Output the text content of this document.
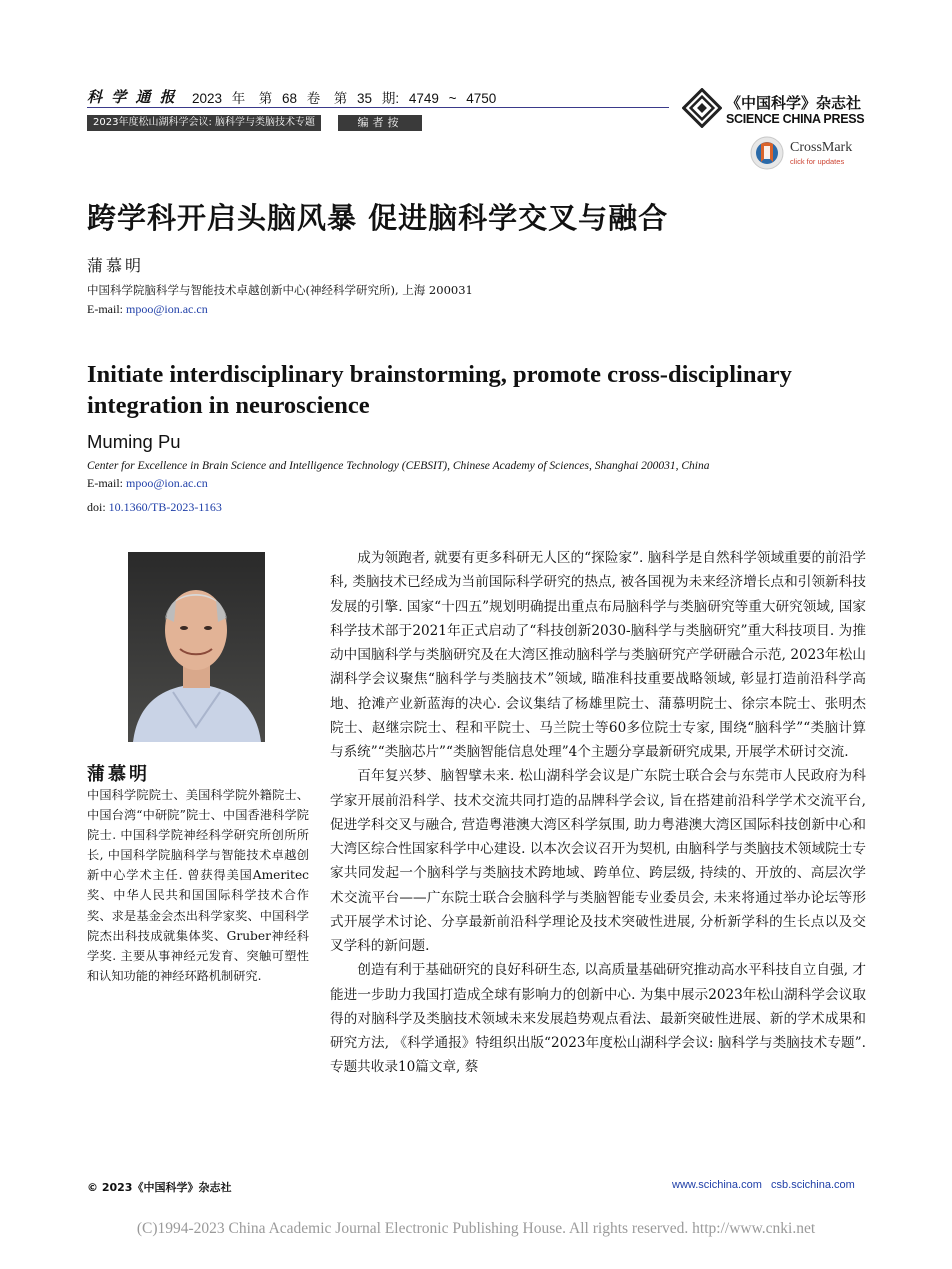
科 学 通 报 2023 年　第 68 卷　第 35 期: 4749 ~ 4750
2023年度松山湖科学会议: 脑科学与类脑技术专题	编者按
《中国科学》杂志社
SCIENCE CHINA PRESS
CrossMark
click for updates
跨学科开启头脑风暴 促进脑科学交叉与融合
蒲慕明
中国科学院脑科学与智能技术卓越创新中心(神经科学研究所), 上海 200031
E-mail: mpoo@ion.ac.cn
Initiate interdisciplinary brainstorming, promote cross-disciplinary integration in neuroscience
Muming Pu
Center for Excellence in Brain Science and Intelligence Technology (CEBSIT), Chinese Academy of Sciences, Shanghai 200031, China
E-mail: mpoo@ion.ac.cn
doi: 10.1360/TB-2023-1163
蒲慕明
中国科学院院士、美国科学院外籍院士、中国台湾“中研院”院士、中国香港科学院院士. 中国科学院神经科学研究所创所所长, 中国科学院脑科学与智能技术卓越创新中心学术主任. 曾获得美国Ameritec奖、中华人民共和国国际科学技术合作奖、求是基金会杰出科学家奖、中国科学院杰出科技成就集体奖、Gruber神经科学奖. 主要从事神经元发育、突触可塑性和认知功能的神经环路机制研究.

成为领跑者, 就要有更多科研无人区的“探险家”. 脑科学是自然科学领域重要的前沿学科, 类脑技术已经成为当前国际科学研究的热点, 被各国视为未来经济增长点和引领新科技发展的引擎. 国家“十四五”规划明确提出重点布局脑科学与类脑研究等重大研究领域, 国家科学技术部于2021年正式启动了“科技创新2030-脑科学与类脑研究”重大科技项目. 为推动中国脑科学与类脑研究及在大湾区推动脑科学与类脑研究产学研融合示范, 2023年松山湖科学会议聚焦“脑科学与类脑技术”领域, 瞄准科技重要战略领域, 彰显打造前沿科学高地、抢滩产业新蓝海的决心. 会议集结了杨雄里院士、蒲慕明院士、徐宗本院士、张明杰院士、赵继宗院士、程和平院士、马兰院士等60多位院士专家, 围绕“脑科学”“类脑计算与系统”“类脑芯片”“类脑智能信息处理”4个主题分享最新研究成果, 开展学术研讨交流.

百年复兴梦、脑智擘未来. 松山湖科学会议是广东院士联合会与东莞市人民政府为科学家开展前沿科学、技术交流共同打造的品牌科学会议, 旨在搭建前沿科学学术交流平台, 促进学科交叉与融合, 营造粤港澳大湾区科学氛围, 助力粤港澳大湾区国际科技创新中心和大湾区综合性国家科学中心建设. 以本次会议召开为契机, 由脑科学与类脑技术领域院士专家共同发起一个脑科学与类脑技术跨地域、跨单位、跨层级, 持续的、开放的、高层次学术交流平台——广东院士联合会脑科学与类脑智能专业委员会, 未来将通过举办论坛等形式开展学术讨论、分享最新前沿科学理论及技术突破性进展, 分析新学科的生长点以及交叉学科的新问题.

创造有利于基础研究的良好科研生态, 以高质量基础研究推动高水平科技自立自强, 才能进一步助力我国打造成全球有影响力的创新中心. 为集中展示2023年松山湖科学会议取得的对脑科学及类脑技术领域未来发展趋势观点看法、最新突破性进展、新的学术成果和研究方法, 《科学通报》特组织出版“2023年度松山湖科学会议: 脑科学与类脑技术专题”. 专题共收录10篇文章, 蔡

© 2023《中国科学》杂志社	www.scichina.com csb.scichina.com
(C)1994-2023 China Academic Journal Electronic Publishing House. All rights reserved. http://www.cnki.net
